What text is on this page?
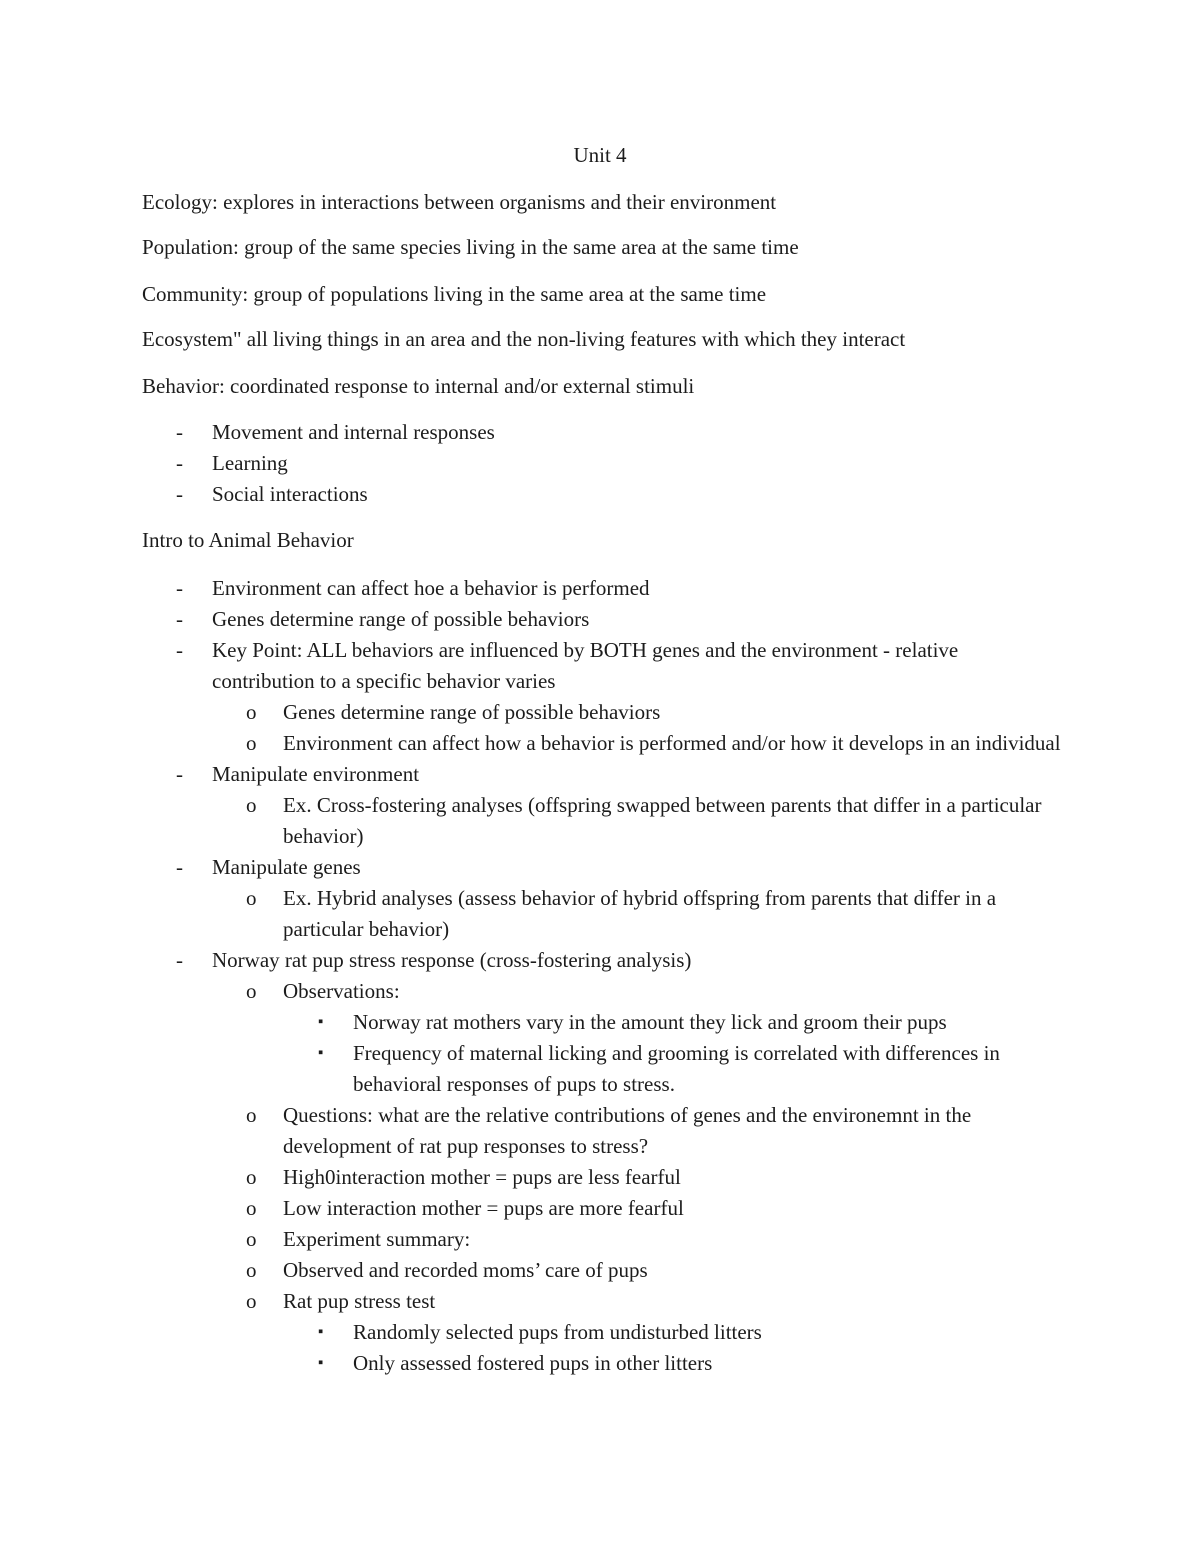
Unit 4
Ecology: explores in interactions between organisms and their environment
Population: group of the same species living in the same area at the same time
Community: group of populations living in the same area at the same time
Ecosystem" all living things in an area and the non-living features with which they interact
Behavior: coordinated response to internal and/or external stimuli
- Movement and internal responses
- Learning
- Social interactions
Intro to Animal Behavior
- Environment can affect hoe a behavior is performed
- Genes determine range of possible behaviors
- Key Point: ALL behaviors are influenced by BOTH genes and the environment - relative contribution to a specific behavior varies
o Genes determine range of possible behaviors
o Environment can affect how a behavior is performed and/or how it develops in an individual
- Manipulate environment
o Ex. Cross-fostering analyses (offspring swapped between parents that differ in a particular behavior)
- Manipulate genes
o Ex. Hybrid analyses (assess behavior of hybrid offspring from parents that differ in a particular behavior)
- Norway rat pup stress response (cross-fostering analysis)
o Observations:
▪ Norway rat mothers vary in the amount they lick and groom their pups
▪ Frequency of maternal licking and grooming is correlated with differences in behavioral responses of pups to stress.
o Questions: what are the relative contributions of genes and the environemnt in the development of rat pup responses to stress?
o High0interaction mother = pups are less fearful
o Low interaction mother = pups are more fearful
o Experiment summary:
o Observed and recorded moms’ care of pups
o Rat pup stress test
▪ Randomly selected pups from undisturbed litters
▪ Only assessed fostered pups in other litters
